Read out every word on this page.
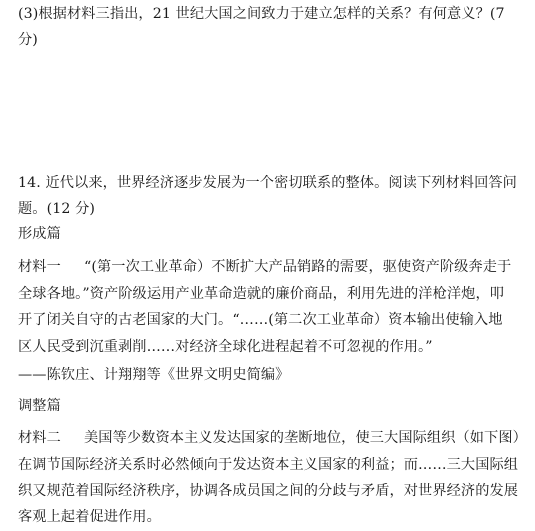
(3)根据材料三指出，21 世纪大国之间致力于建立怎样的关系？有何意义？(7
分)
14. 近代以来，世界经济逐步发展为一个密切联系的整体。阅读下列材料回答问
题。(12 分)
形成篇
材料一 “(第一次工业革命）不断扩大产品销路的需要，驱使资产阶级奔走于
全球各地。”资产阶级运用产业革命造就的廉价商品，利用先进的洋枪洋炮，叩
开了闭关自守的古老国家的大门。“……(第二次工业革命）资本输出使输入地
区人民受到沉重剥削……对经济全球化进程起着不可忽视的作用。”
——陈钦庄、计翔翔等《世界文明史简编》
调整篇
材料二 美国等少数资本主义发达国家的垄断地位，使三大国际组织（如下图）
在调节国际经济关系时必然倾向于发达资本主义国家的利益；而……三大国际组
织又规范着国际经济秩序，协调各成员国之间的分歧与矛盾，对世界经济的发展
客观上起着促进作用。
